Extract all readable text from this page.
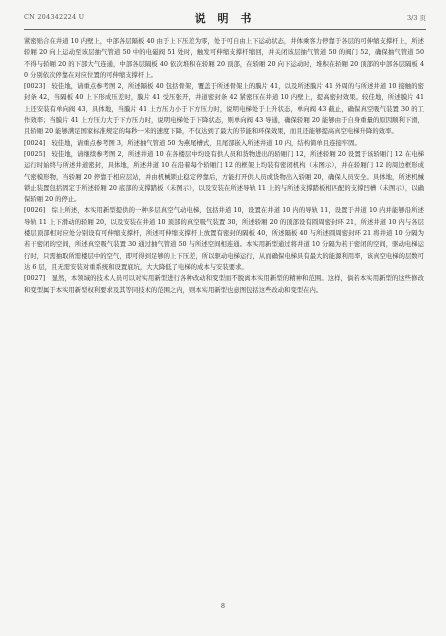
CN 204342224 U	说 明 书	3/3 页

紧密贴合在井道 10 内壁上，中部各层隔板 40 由于上下压差为零，处于可自由上下运动状态，井体乘客力停靠于各层的可伸缩支撑杆上，所述轿厢 20 向上运动至该层抽气管道 50 中的电磁阀 51 处时，触发可伸缩支撑杆缩回，并关闭该层抽气管道 50 的阀门 52，确保抽气管道 50 不得与轿厢 20 的下部大气连通，中部各层隔板 40 依次堆积在轿厢 20 顶部，在轿厢 20 向下运动时，堆积在轿厢 20 顶部的中部各层隔板 40 分别依次停靠在对应位置的可伸缩支撑杆上。

[0023]　较佳地，请重点参考图 2，所述隔板 40 包括骨架，覆盖于所述骨架上的膜片 41，以及所述膜片 41 外周的与所述井道 10 接触的密封条 42，当隔板 40 上下形成压差时，膜片 41 受压张开，井道密封条 42 紧密压在井道 10 内壁上，提高密封效果。较佳地，所述膜片 41 上还安装有单向阀 43，具体地，当膜片 41 上方压力小于下方压力时，说明电梯处于上升状态，单向阀 43 截止，确保真空吸气装置 30 的工作效率；当膜片 41 上方压力大于下方压力时，说明电梯处于下降状态，则单向阀 43 导通，确保轿厢 20 能够由于自身重量的原因顺利下滑，且轿厢 20 能够满足国家标准规定的每秒一米的速度下降，不仅达到了最大的节能和环保效果，而且还能够提高真空电梯升降的效率。

[0024]　较佳地，请重点参考图 3，所述抽气管道 50 为燕尾槽式，且尾部嵌入所述井道 10 内，结构简单且连接牢固。

[0025]　较佳地，请继续参考图 2，所述井道 10 在各楼层中均设有供人员和货物进出的轿厢门 12，所述轿厢 20 设置于该轿厢门 12 在电梯运行时始终与所述井道密封，具体地，所述井道 10 在沿着每个轿厢门 12 的框架上均装有密闭机构（未图示），并在轿厢门 12 的周边框形成气密模形物，当轿厢 20 停靠于相应层站，并由机械锁止稳定停靠后，方能打开供人员或货物出入轿厢 20，确保人员安全。具体地，所述机械锁止装置包括固定于所述轿厢 20 底部的支撑踏板（未图示），以及安装在所述导轨 11 上的与所述支撑踏板相匹配的支撑凹槽（未图示），以确保轿厢 20 的停止。

[0026]　综上所述，本实用新型提供的一种多层真空气动电梯，包括井道 10，设置在井道 10 内的导轨 11，设置于井道 10 内并能够沿所述导轨 11 上下滑动的轿厢 20，以及安装在井道 10 顶部的真空吸气装置 30，所述轿厢 20 的顶部设有圆周密封环 21，所述井道 10 内与各层楼层顶部相对应处分别设有可伸缩支撑杆，所述可伸缩支撑杆上放置有密封的隔板 40，所述隔板 40 与所述圆周密封环 21 将井道 10 分隔为若干密闭的空间，所述真空吸气装置 30 通过抽气管道 50 与所述空间相连通。本实用新型通过将井道 10 分隔为若干密闭的空间，驱动电梯运行时，只需抽取所需楼层中的空气，即可得到足够的上下压差，所以驱动电梯运行，从而确保电梯具有最大的能源利用率，该真空电梯的层数可达 6 层，且无需安装对重系统和设置底坑，大大降低了电梯的成本与安装要求。

[0027]　显然，本领域的技术人员可以对实用新型进行各种改动和变型而不脱离本实用新型的精神和范围。这样，倘若本实用新型的这些修改和变型属于本实用新型权利要求及其等同技术的范围之内，则本实用新型也意图包括这些改动和变型在内。

8
